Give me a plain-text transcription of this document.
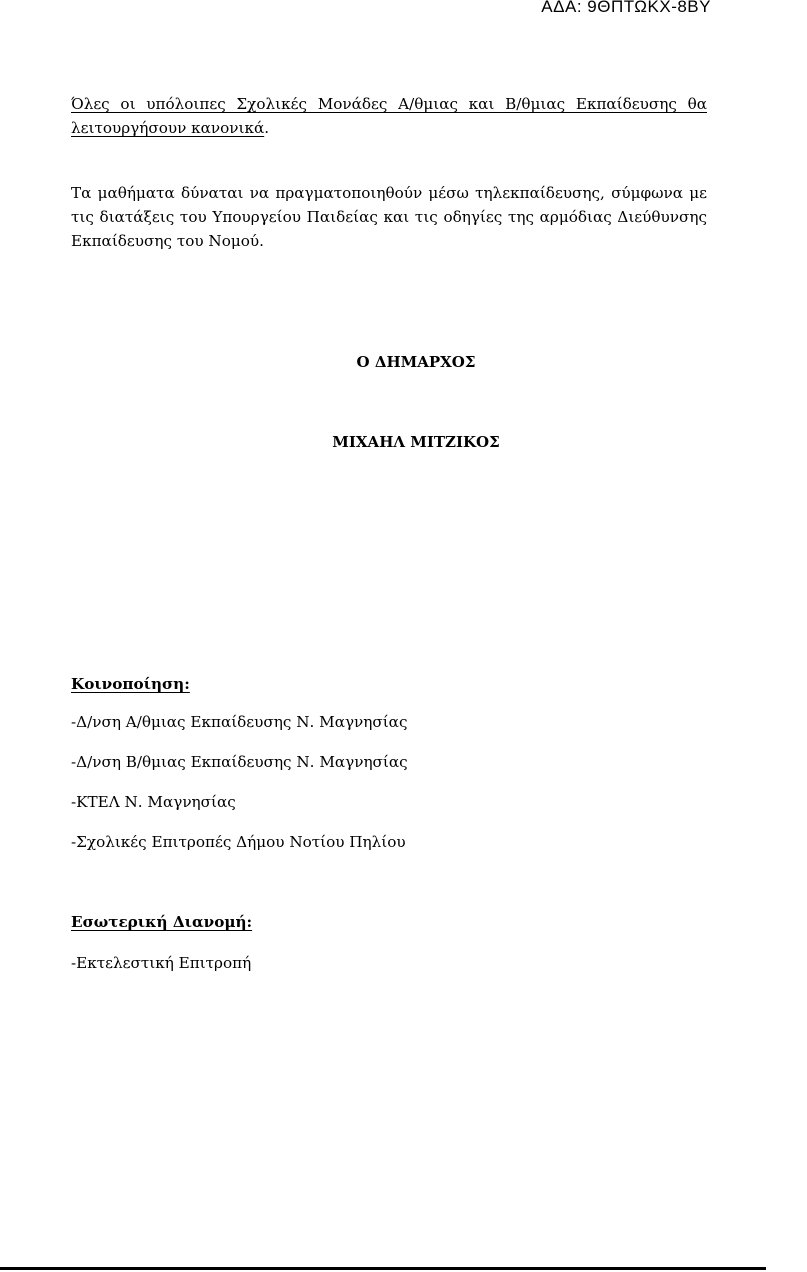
ΑΔΑ: 9ΘΠΤΩΚΧ-8ΒΥ
Όλες οι υπόλοιπες Σχολικές Μονάδες Α/θμιας και Β/θμιας Εκπαίδευσης θα λειτουργήσουν κανονικά.
Τα μαθήματα δύναται να πραγματοποιηθούν μέσω τηλεκπαίδευσης, σύμφωνα με τις διατάξεις του Υπουργείου Παιδείας και τις οδηγίες της αρμόδιας Διεύθυνσης Εκπαίδευσης του Νομού.
Ο ΔΗΜΑΡΧΟΣ
ΜΙΧΑΗΛ ΜΙΤΖΙΚΟΣ
Κοινοποίηση:
-Δ/νση Α/θμιας Εκπαίδευσης Ν. Μαγνησίας
-Δ/νση Β/θμιας Εκπαίδευσης Ν. Μαγνησίας
-ΚΤΕΛ Ν. Μαγνησίας
-Σχολικές Επιτροπές Δήμου Νοτίου Πηλίου
Εσωτερική Διανομή:
-Εκτελεστική Επιτροπή
